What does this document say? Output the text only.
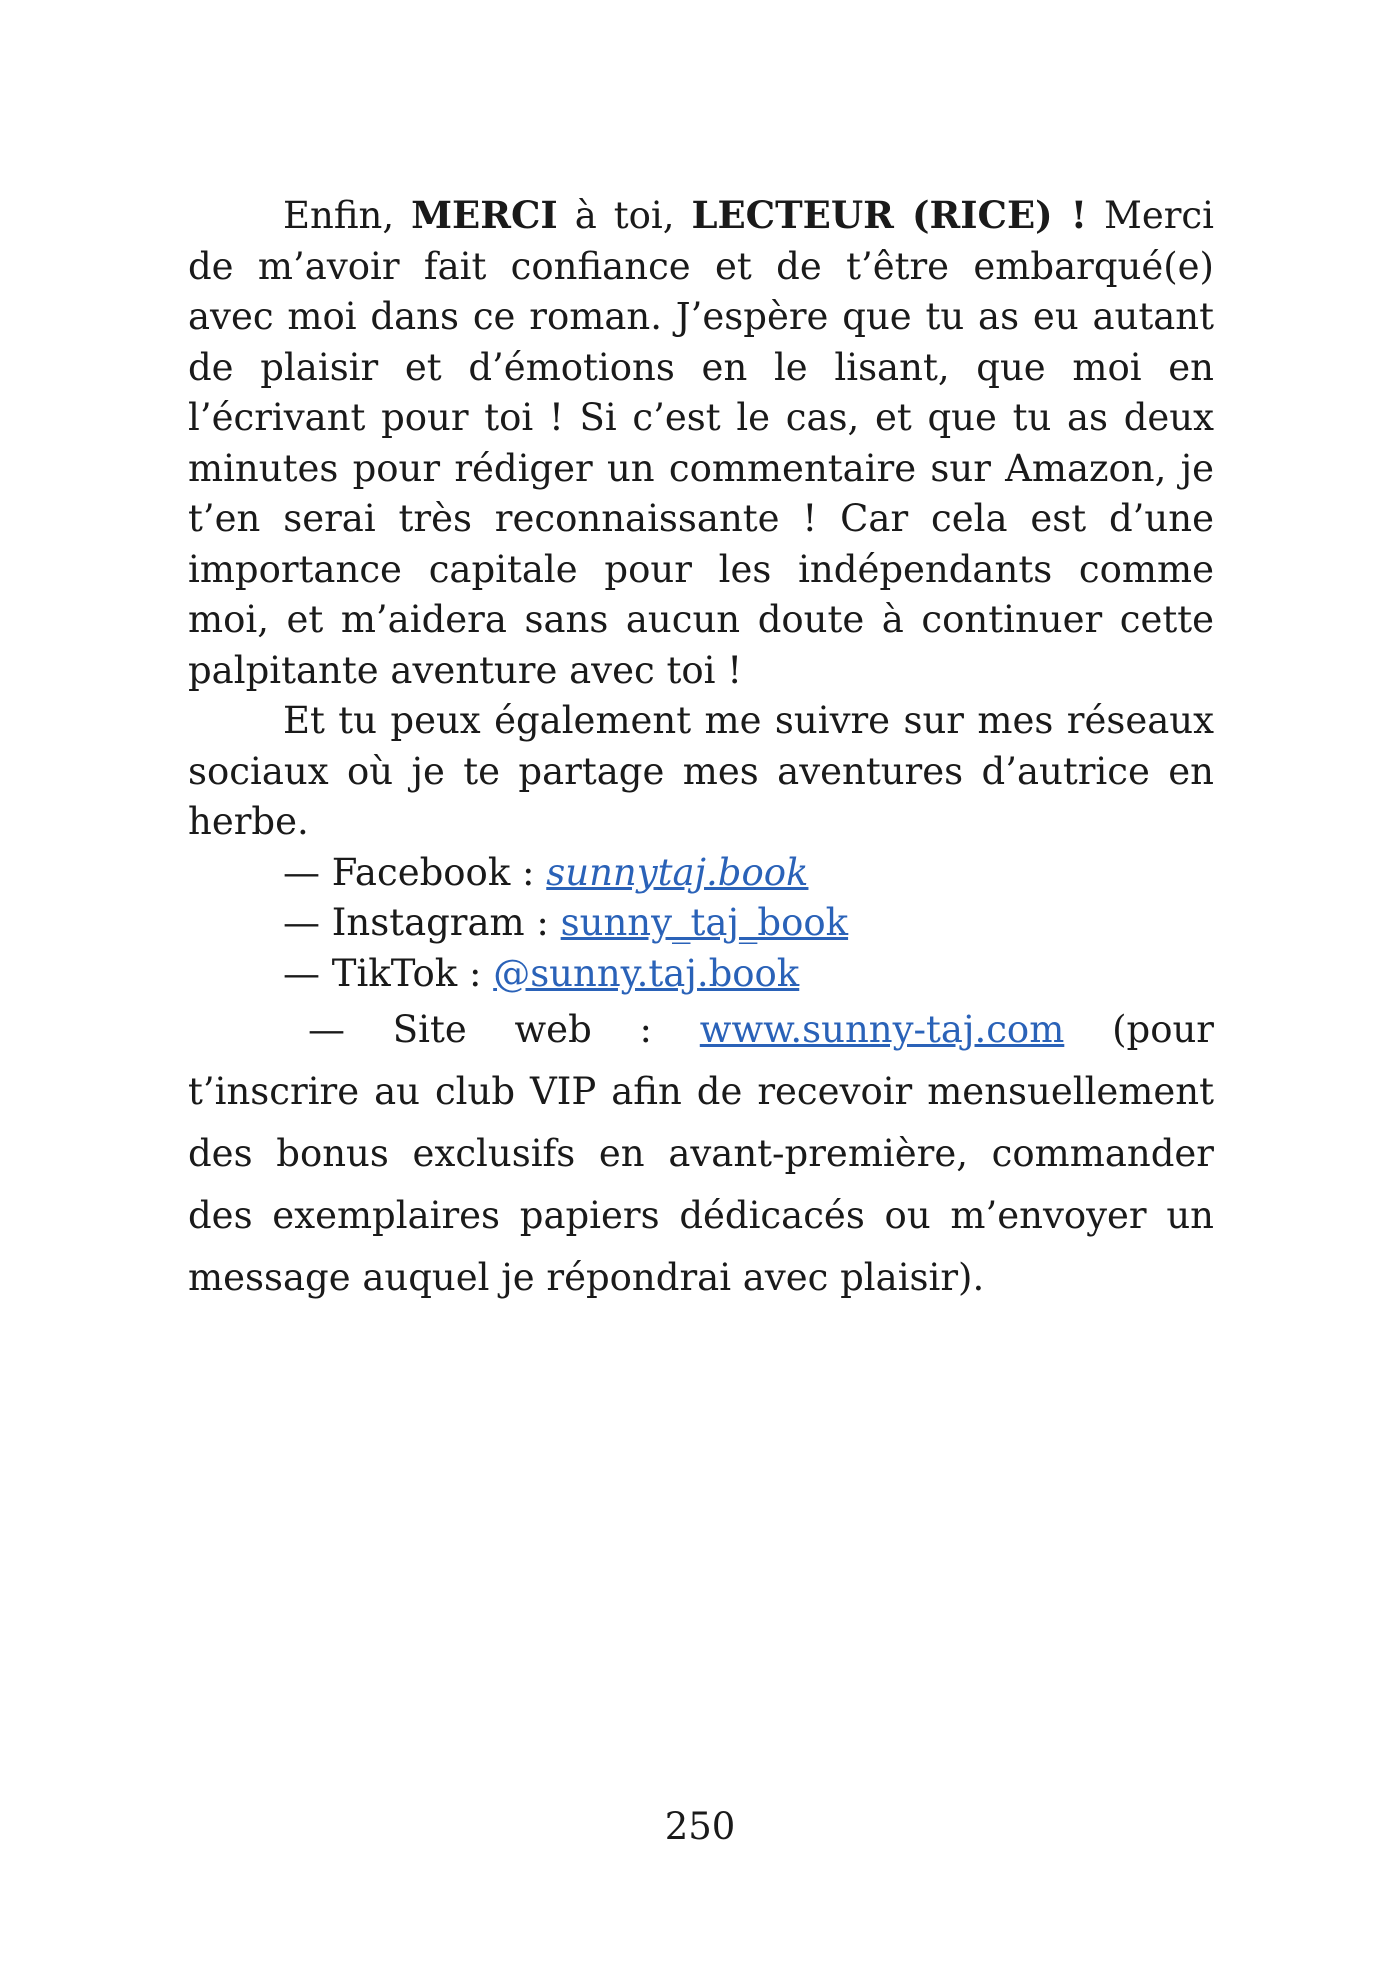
Enfin, MERCI à toi, LECTEUR (RICE) ! Merci de m’avoir fait confiance et de t’être embarqué(e) avec moi dans ce roman. J’espère que tu as eu autant de plaisir et d’émotions en le lisant, que moi en l’écrivant pour toi ! Si c’est le cas, et que tu as deux minutes pour rédiger un commentaire sur Amazon, je t’en serai très reconnaissante ! Car cela est d’une importance capitale pour les indépendants comme moi, et m’aidera sans aucun doute à continuer cette palpitante aventure avec toi !

Et tu peux également me suivre sur mes réseaux sociaux où je te partage mes aventures d’autrice en herbe.

— Facebook : sunnytaj.book

— Instagram : sunny_taj_book

— TikTok : @sunny.taj.book

— Site web : www.sunny-taj.com (pour t’inscrire au club VIP afin de recevoir mensuellement des bonus exclusifs en avant-première, commander des exemplaires papiers dédicacés ou m’envoyer un message auquel je répondrai avec plaisir).

250
